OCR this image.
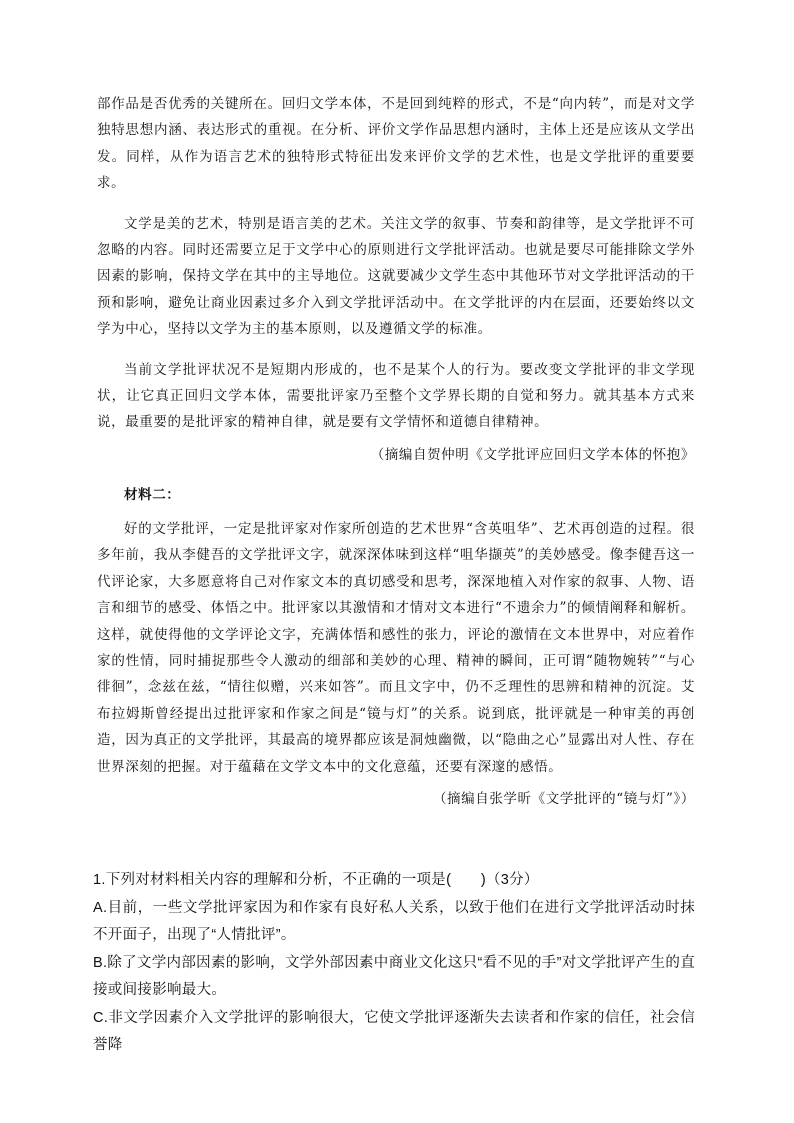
部作品是否优秀的关键所在。回归文学本体，不是回到纯粹的形式，不是“向内转”，而是对文学独特思想内涵、表达形式的重视。在分析、评价文学作品思想内涵时，主体上还是应该从文学出发。同样，从作为语言艺术的独特形式特征出发来评价文学的艺术性，也是文学批评的重要要求。

文学是美的艺术，特别是语言美的艺术。关注文学的叙事、节奏和韵律等，是文学批评不可忽略的内容。同时还需要立足于文学中心的原则进行文学批评活动。也就是要尽可能排除文学外因素的影响，保持文学在其中的主导地位。这就要减少文学生态中其他环节对文学批评活动的干预和影响，避免让商业因素过多介入到文学批评活动中。在文学批评的内在层面，还要始终以文学为中心，坚持以文学为主的基本原则，以及遵循文学的标准。

当前文学批评状况不是短期内形成的，也不是某个人的行为。要改变文学批评的非文学现状，让它真正回归文学本体，需要批评家乃至整个文学界长期的自觉和努力。就其基本方式来说，最重要的是批评家的精神自律，就是要有文学情怀和道德自律精神。

（摘编自贺仲明《文学批评应回归文学本体的怀抱》

材料二：

好的文学批评，一定是批评家对作家所创造的艺术世界“含英咀华”、艺术再创造的过程。很多年前，我从李健吾的文学批评文字，就深深体味到这样“咀华撷英”的美妙感受。像李健吾这一代评论家，大多愿意将自己对作家文本的真切感受和思考，深深地植入对作家的叙事、人物、语言和细节的感受、体悟之中。批评家以其激情和才情对文本进行“不遗余力”的倾情阐释和解析。这样，就使得他的文学评论文字，充满体悟和感性的张力，评论的激情在文本世界中，对应着作家的性情，同时捕捉那些令人激动的细部和美妙的心理、精神的瞬间，正可谓“随物婉转”“与心徘徊”，念兹在兹，“情往似赠，兴来如答”。而且文字中，仍不乏理性的思辨和精神的沉淀。艾布拉姆斯曾经提出过批评家和作家之间是“镜与灯”的关系。说到底，批评就是一种审美的再创造，因为真正的文学批评，其最高的境界都应该是洞烛幽微，以“隐曲之心”显露出对人性、存在世界深刻的把握。对于蕴藉在文学文本中的文化意蕴，还要有深邃的感悟。

（摘编自张学昕《文学批评的“镜与灯”》）

1.下列对材料相关内容的理解和分析，不正确的一项是(　　)（3分）

A.目前，一些文学批评家因为和作家有良好私人关系，以致于他们在进行文学批评活动时抹不开面子，出现了“人情批评”。

B.除了文学内部因素的影响，文学外部因素中商业文化这只“看不见的手”对文学批评产生的直接或间接影响最大。

C.非文学因素介入文学批评的影响很大，它使文学批评逐渐失去读者和作家的信任，社会信誉降
